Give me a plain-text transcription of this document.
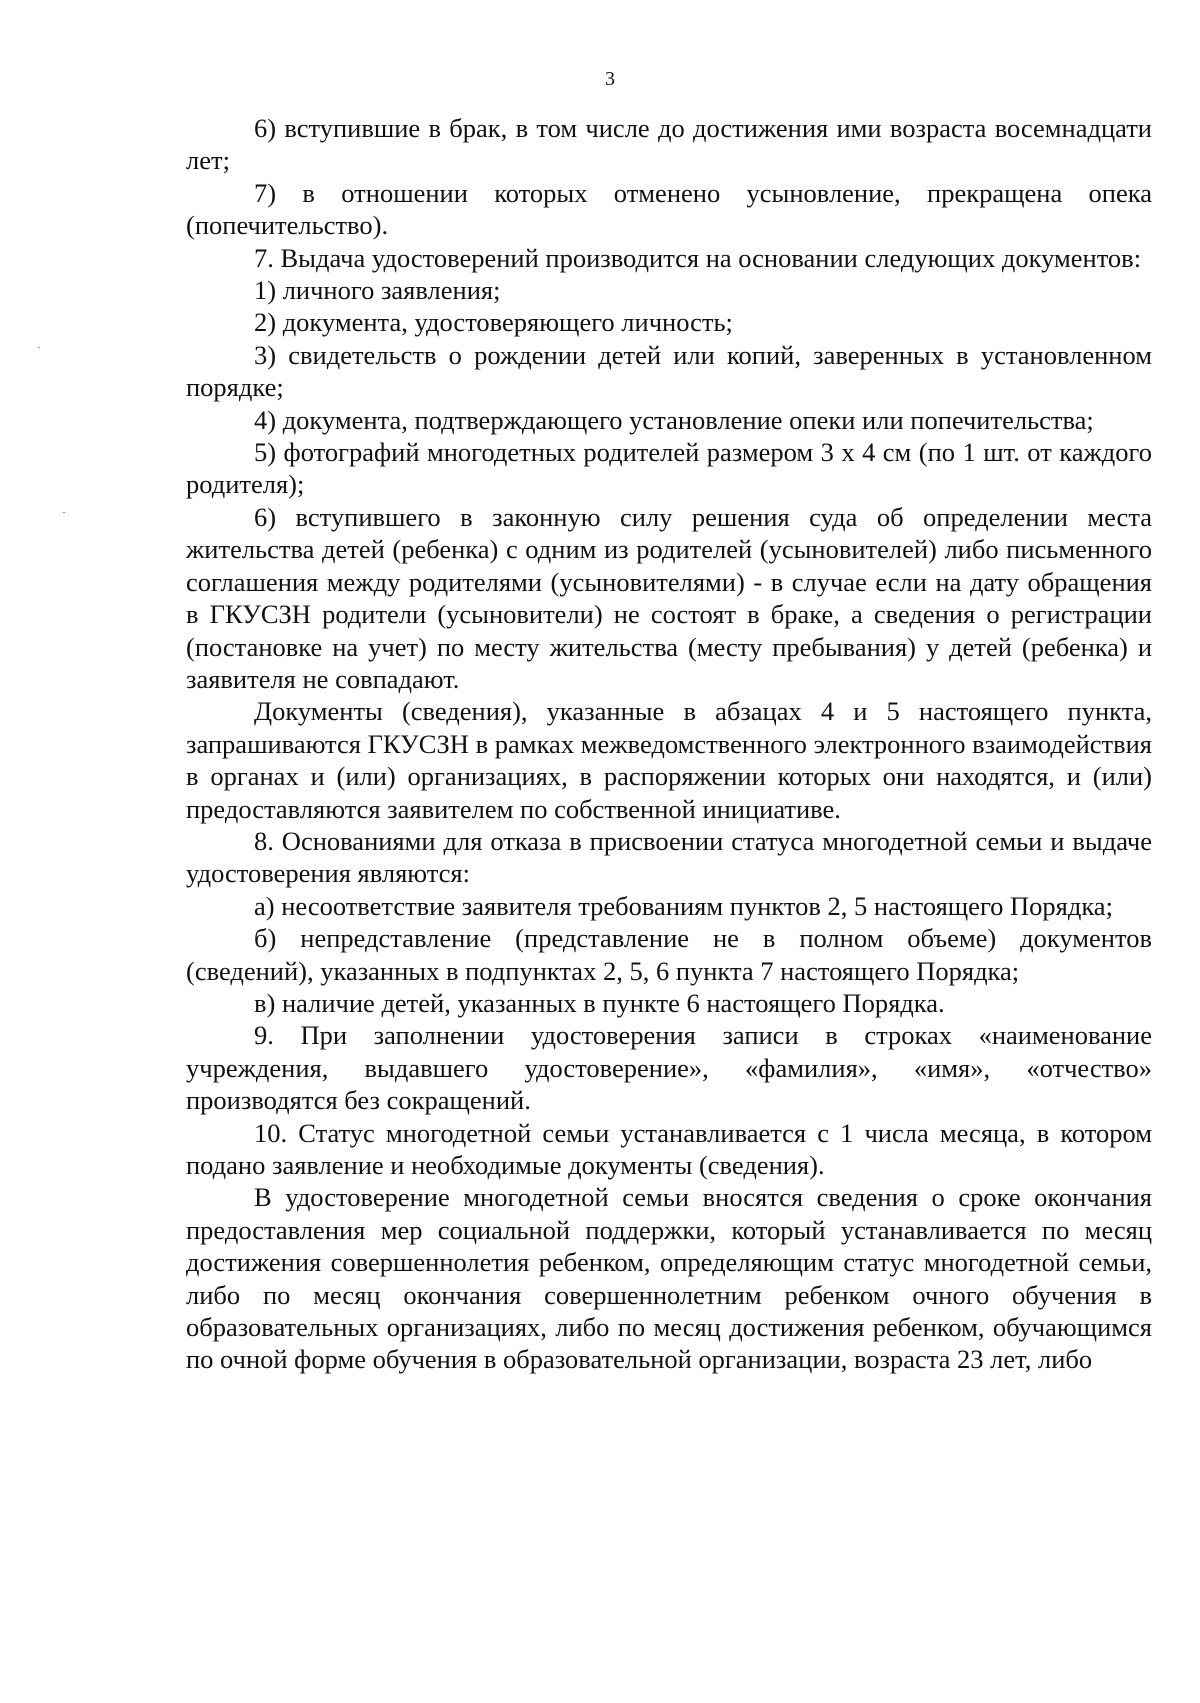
3

6) вступившие в брак, в том числе до достижения ими возраста восемнадцати лет;

7) в отношении которых отменено усыновление, прекращена опека (попечительство).

7. Выдача удостоверений производится на основании следующих документов:

1) личного заявления;

2) документа, удостоверяющего личность;

3) свидетельств о рождении детей или копий, заверенных в установленном порядке;

4) документа, подтверждающего установление опеки или попечительства;

5) фотографий многодетных родителей размером 3 х 4 см (по 1 шт. от каждого родителя);

6) вступившего в законную силу решения суда об определении места жительства детей (ребенка) с одним из родителей (усыновителей) либо письменного соглашения между родителями (усыновителями) - в случае если на дату обращения в ГКУСЗН родители (усыновители) не состоят в браке, а сведения о регистрации (постановке на учет) по месту жительства (месту пребывания) у детей (ребенка) и заявителя не совпадают.

Документы (сведения), указанные в абзацах 4 и 5 настоящего пункта, запрашиваются ГКУСЗН в рамках межведомственного электронного взаимодействия в органах и (или) организациях, в распоряжении которых они находятся, и (или) предоставляются заявителем по собственной инициативе.

8. Основаниями для отказа в присвоении статуса многодетной семьи и выдаче удостоверения являются:

а) несоответствие заявителя требованиям пунктов 2, 5 настоящего Порядка;

б) непредставление (представление не в полном объеме) документов (сведений), указанных в подпунктах 2, 5, 6 пункта 7 настоящего Порядка;

в) наличие детей, указанных в пункте 6 настоящего Порядка.

9. При заполнении удостоверения записи в строках «наименование учреждения, выдавшего удостоверение», «фамилия», «имя», «отчество» производятся без сокращений.

10. Статус многодетной семьи устанавливается с 1 числа месяца, в котором подано заявление и необходимые документы (сведения).

В удостоверение многодетной семьи вносятся сведения о сроке окончания предоставления мер социальной поддержки, который устанавливается по месяц достижения совершеннолетия ребенком, определяющим статус многодетной семьи, либо по месяц окончания совершеннолетним ребенком очного обучения в образовательных организациях, либо по месяц достижения ребенком, обучающимся по очной форме обучения в образовательной организации, возраста 23 лет, либо
